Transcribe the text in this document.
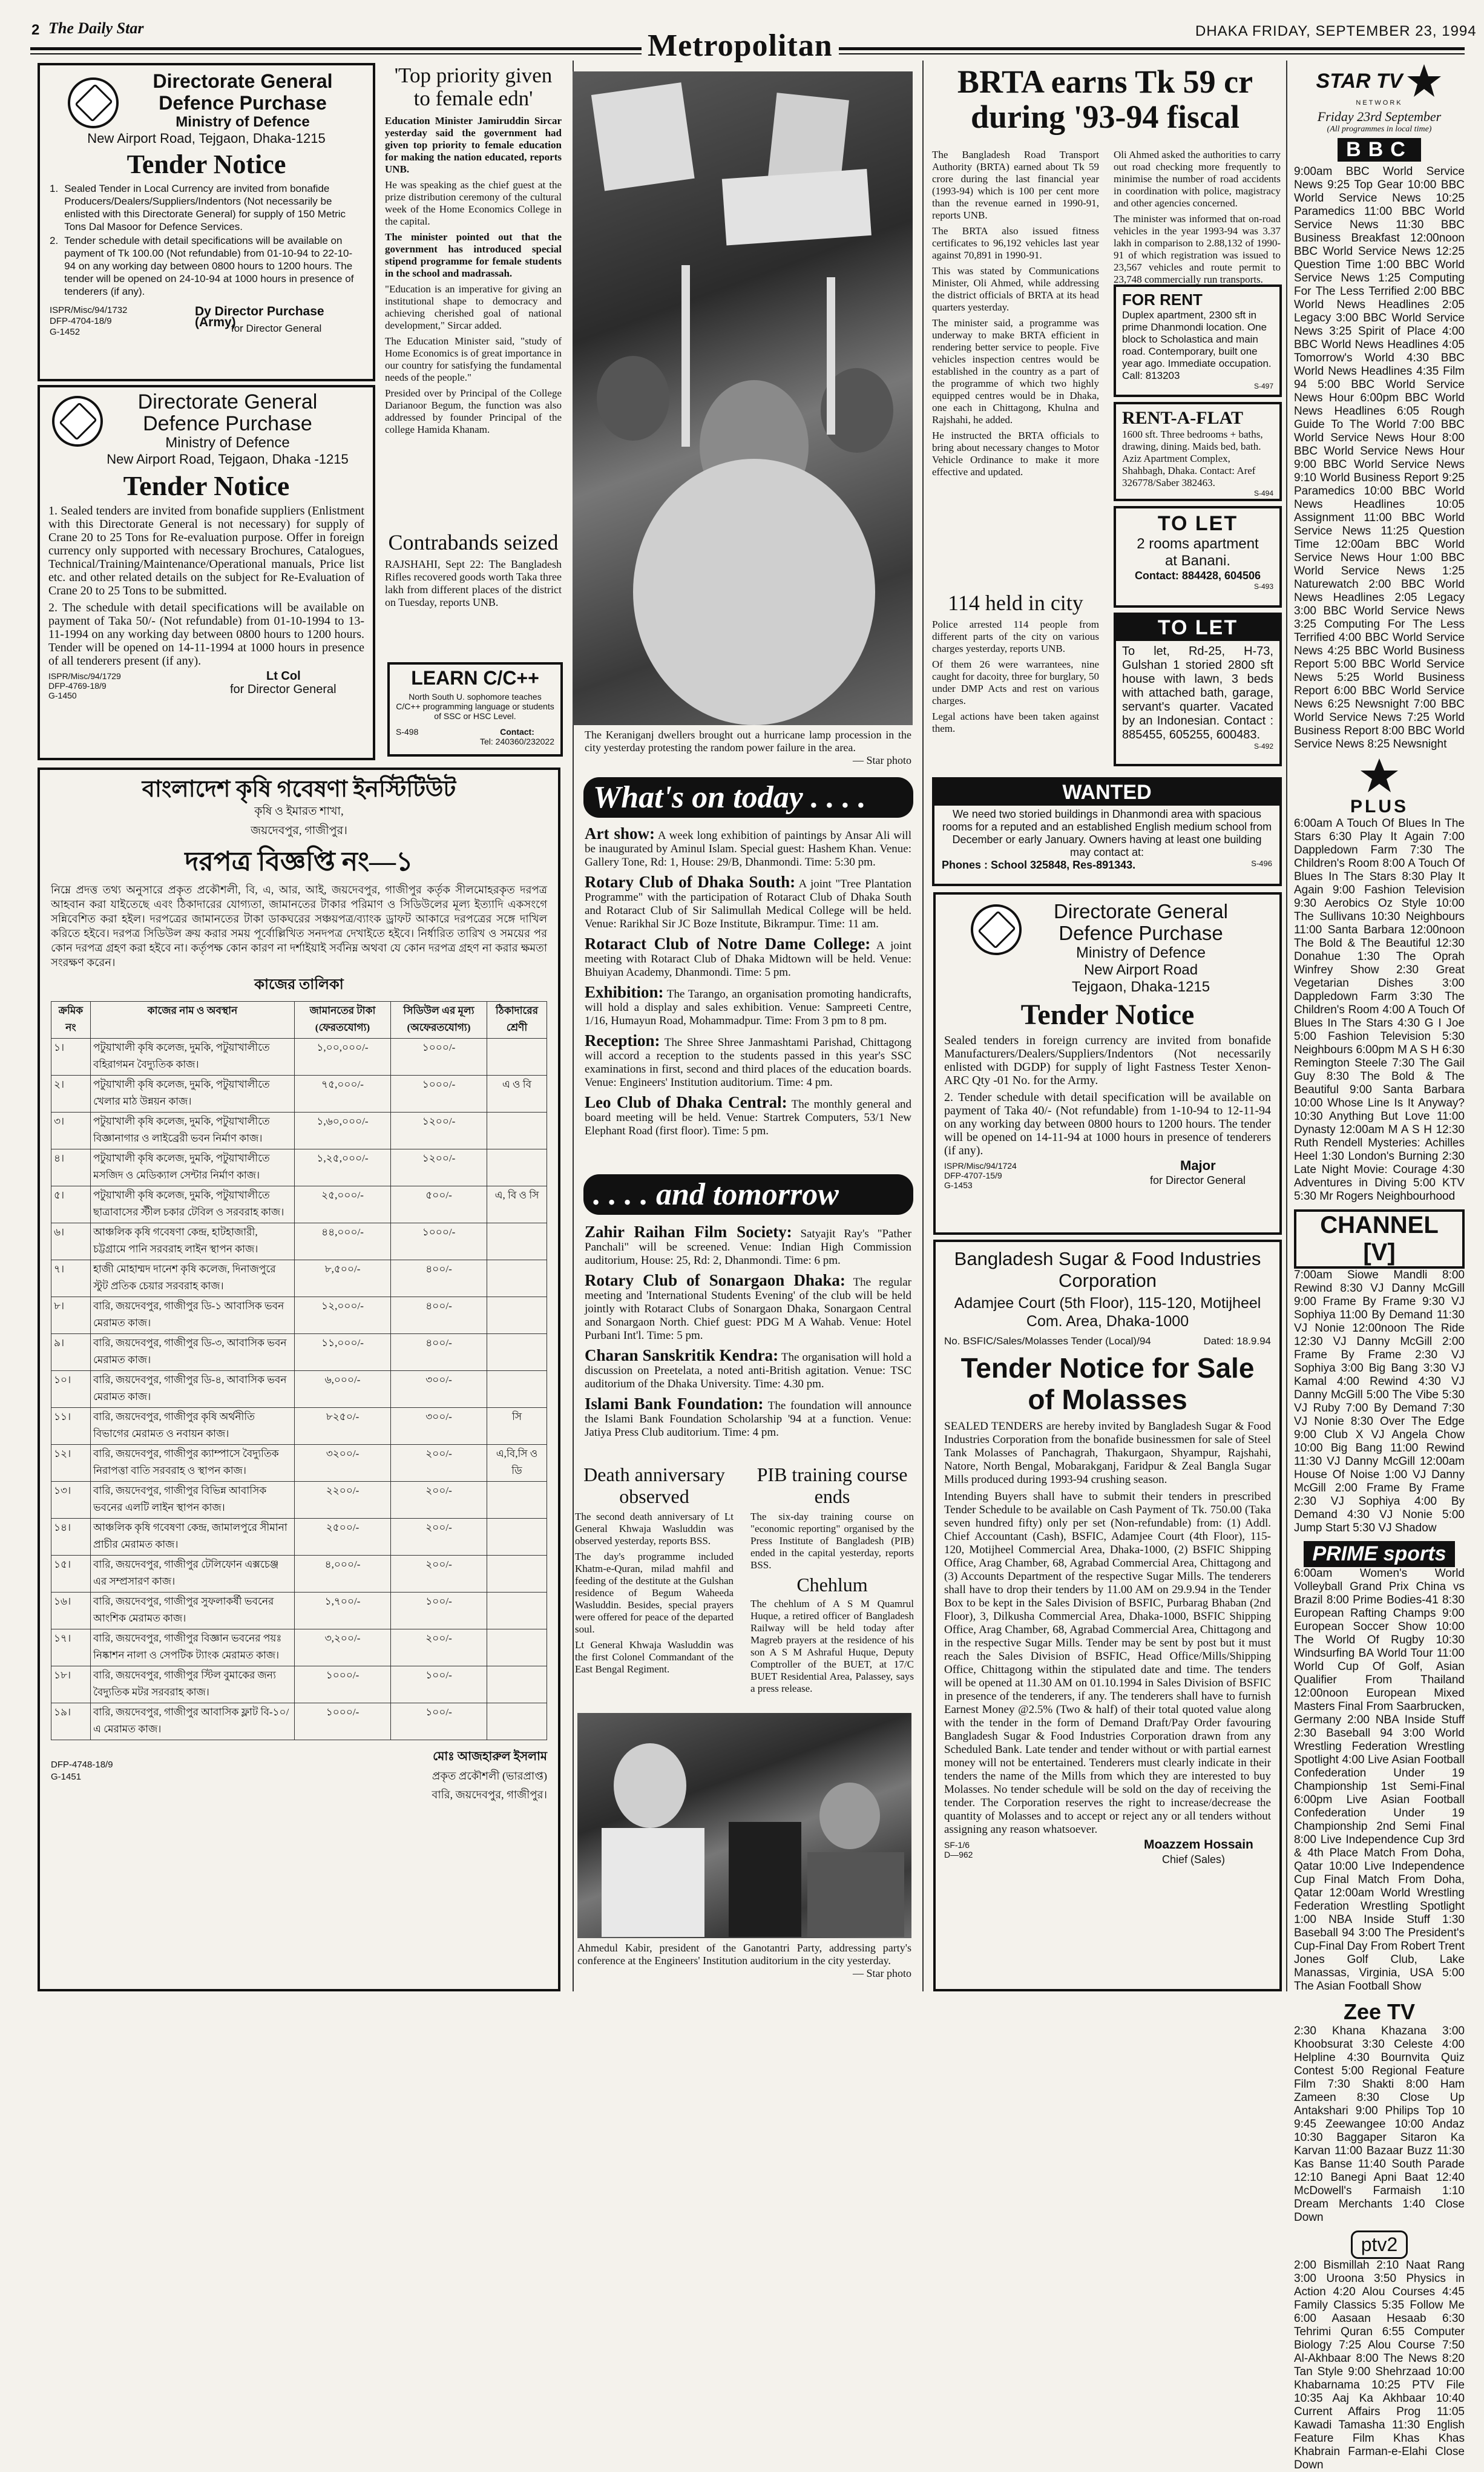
2 The Daily Star
Metropolitan	DHAKA FRIDAY, SEPTEMBER 23, 1994
Directorate General
Defence Purchase
Ministry of Defence
New Airport Road, Tejgaon, Dhaka-1215
Tender Notice
1. Sealed Tender in Local Currency are invited from bonafide Producers/Dealers/Suppliers/Indentors (Not necessarily be enlisted with this Directorate General) for supply of 150 Metric Tons Dal Masoor for Defence Services.
2. Tender schedule with detail specifications will be available on payment of Tk 100.00 (Not refundable) from 01-10-94 to 22-10-94 on any working day between 0800 hours to 1200 hours. The tender will be opened on 24-10-94 at 1000 hours in presence of tenderers (if any).
ISPR/Misc/94/1732
DFP-4704-18/9
G-1452
Dy Director Purchase (Army)
for Director General
Directorate General
Defence Purchase
Ministry of Defence
New Airport Road, Tejgaon, Dhaka -1215
Tender Notice

1. Sealed tenders are invited from bonafide suppliers (Enlistment with this Directorate General is not necessary) for supply of Crane 20 to 25 Tons for Re-evaluation purpose. Offer in foreign currency only supported with necessary Brochures, Catalogues, Technical/Training/Maintenance/Operational manuals, Price list etc. and other related details on the subject for Re-Evaluation of Crane 20 to 25 Tons to be submitted.

2. The schedule with detail specifications will be available on payment of Taka 50/- (Not refundable) from 01-10-1994 to 13-11-1994 on any working day between 0800 hours to 1200 hours. Tender will be opened on 14-11-1994 at 1000 hours in presence of all tenderers present (if any).

ISPR/Misc/94/1729
DFP-4769-18/9
G-1450
Lt Col
for Director General
'Top priority given to female edn'

Education Minister Jamiruddin Sircar yesterday said the government had given top priority to female education for making the nation educated, reports UNB.

He was speaking as the chief guest at the prize distribution ceremony of the cultural week of the Home Economics College in the capital.

The minister pointed out that the government has introduced special stipend programme for female students in the school and madrassah.

"Education is an imperative for giving an institutional shape to democracy and achieving cherished goal of national development," Sircar added.

The Education Minister said, "study of Home Economics is of great importance in our country for satisfying the fundamental needs of the people."

Presided over by Principal of the College Darianoor Begum, the function was also addressed by founder Principal of the college Hamida Khanam.

Contrabands seized

RAJSHAHI, Sept 22: The Bangladesh Rifles recovered goods worth Taka three lakh from different places of the district on Tuesday, reports UNB.

LEARN C/C++
North South U. sophomore teaches C/C++ programming language or students of SSC or HSC Level.
S-498	Contact:
Tel: 240360/232022
The Keraniganj dwellers brought out a hurricane lamp procession in the city yesterday protesting the random power failure in the area.
— Star photo
What's on today . . . .
Art show: A week long exhibition of paintings by Ansar Ali will be inaugurated by Aminul Islam. Special guest: Hashem Khan. Venue: Gallery Tone, Rd: 1, House: 29/B, Dhanmondi. Time: 5:30 pm.
Rotary Club of Dhaka South: A joint "Tree Plantation Programme" with the participation of Rotaract Club of Dhaka South and Rotaract Club of Sir Salimullah Medical College will be held. Venue: Rarikhal Sir JC Boze Institute, Bikrampur. Time: 11 am.
Rotaract Club of Notre Dame College: A joint meeting with Rotaract Club of Dhaka Midtown will be held. Venue: Bhuiyan Academy, Dhanmondi. Time: 5 pm.
Exhibition: The Tarango, an organisation promoting handicrafts, will hold a display and sales exhibition. Venue: Sampreeti Centre, 1/16, Humayun Road, Mohammadpur. Time: From 3 pm to 8 pm.
Reception: The Shree Shree Janmashtami Parishad, Chittagong will accord a reception to the students passed in this year's SSC examinations in first, second and third places of the education boards. Venue: Engineers' Institution auditorium. Time: 4 pm.
Leo Club of Dhaka Central: The monthly general and board meeting will be held. Venue: Startrek Computers, 53/1 New Elephant Road (first floor). Time: 5 pm.
. . . . and tomorrow
Zahir Raihan Film Society: Satyajit Ray's "Pather Panchali" will be screened. Venue: Indian High Commission auditorium, House: 25, Rd: 2, Dhanmondi. Time: 6 pm.
Rotary Club of Sonargaon Dhaka: The regular meeting and 'International Students Evening' of the club will be held jointly with Rotaract Clubs of Sonargaon Dhaka, Sonargaon Central and Sonargaon North. Chief guest: PDG M A Wahab. Venue: Hotel Purbani Int'l. Time: 5 pm.
Charan Sanskritik Kendra: The organisation will hold a discussion on Preetelata, a noted anti-British agitation. Venue: TSC auditorium of the Dhaka University. Time: 4.30 pm.
Islami Bank Foundation: The foundation will announce the Islami Bank Foundation Scholarship '94 at a function. Venue: Jatiya Press Club auditorium. Time: 4 pm.
Death anniversary observed

The second death anniversary of Lt General Khwaja Wasluddin was observed yesterday, reports BSS.

The day's programme included Khatm-e-Quran, milad mahfil and feeding of the destitute at the Gulshan residence of Begum Waheeda Wasluddin. Besides, special prayers were offered for peace of the departed soul.

Lt General Khwaja Wasluddin was the first Colonel Commandant of the East Bengal Regiment.

PIB training course ends

The six-day training course on "economic reporting" organised by the Press Institute of Bangladesh (PIB) ended in the capital yesterday, reports BSS.

Chehlum

The chehlum of A S M Quamrul Huque, a retired officer of Bangladesh Railway will be held today after Magreb prayers at the residence of his son A S M Ashraful Huque, Deputy Comptroller of the BUET, at 17/C BUET Residential Area, Palassey, says a press release.

Ahmedul Kabir, president of the Ganotantri Party, addressing party's conference at the Engineers' Institution auditorium in the city yesterday.
— Star photo
BRTA earns Tk 59 cr during '93-94 fiscal

The Bangladesh Road Transport Authority (BRTA) earned about Tk 59 crore during the last financial year (1993-94) which is 100 per cent more than the revenue earned in 1990-91, reports UNB.

The BRTA also issued fitness certificates to 96,192 vehicles last year against 70,891 in 1990-91.

This was stated by Communications Minister, Oli Ahmed, while addressing the district officials of BRTA at its head quarters yesterday.

The minister said, a programme was underway to make BRTA efficient in rendering better service to people. Five vehicles inspection centres would be established in the country as a part of the programme of which two highly equipped centres would be in Dhaka, one each in Chittagong, Khulna and Rajshahi, he added.

He instructed the BRTA officials to bring about necessary changes to Motor Vehicle Ordinance to make it more effective and updated.

Oli Ahmed asked the authorities to carry out road checking more frequently to minimise the number of road accidents in coordination with police, magistracy and other agencies concerned.

The minister was informed that on-road vehicles in the year 1993-94 was 3.37 lakh in comparison to 2.88,132 of 1990-91 of which registration was issued to 23,567 vehicles and route permit to 23,748 commercially run transports.

114 held in city

Police arrested 114 people from different parts of the city on various charges yesterday, reports UNB.

Of them 26 were warrantees, nine caught for dacoity, three for burglary, 50 under DMP Acts and rest on various charges.

Legal actions have been taken against them.

FOR RENT
Duplex apartment, 2300 sft in prime Dhanmondi location. One block to Scholastica and main road. Contemporary, built one year ago. Immediate occupation. Call: 813203
S-497
RENT-A-FLAT
1600 sft. Three bedrooms + baths, drawing, dining. Maids bed, bath. Aziz Apartment Complex, Shahbagh, Dhaka. Contact: Aref 326778/Saber 382463.
S-494
TO LET
2 rooms apartment
at Banani.
Contact: 884428, 604506
S-493
TO LET
To let, Rd-25, H-73, Gulshan 1 storied 2800 sft house with lawn, 3 beds with attached bath, garage, servant's quarter. Vacated by an Indonesian. Contact : 885455, 605255, 600483.
S-492
WANTED
We need two storied buildings in Dhanmondi area with spacious rooms for a reputed and an established English medium school from December or early January. Owners having at least one building may contact at:
Phones : School 325848, Res-891343.	S-496
Directorate General
Defence Purchase
Ministry of Defence
New Airport Road
Tejgaon, Dhaka-1215
Tender Notice

Sealed tenders in foreign currency are invited from bonafide Manufacturers/Dealers/Suppliers/Indentors (Not necessarily enlisted with DGDP) for supply of light Fastness Tester Xenon-ARC Qty -01 No. for the Army.

2. Tender schedule with detail specification will be available on payment of Taka 40/- (Not refundable) from 1-10-94 to 12-11-94 on any working day between 0800 hours to 1200 hours. The tender will be opened on 14-11-94 at 1000 hours in presence of tenderers (if any).

ISPR/Misc/94/1724
DFP-4707-15/9
G-1453
Major
for Director General
Bangladesh Sugar & Food Industries Corporation
Adamjee Court (5th Floor), 115-120, Motijheel Com. Area, Dhaka-1000
No. BSFIC/Sales/Molasses Tender (Local)/94	Dated: 18.9.94
Tender Notice for Sale of Molasses

SEALED TENDERS are hereby invited by Bangladesh Sugar & Food Industries Corporation from the bonafide businessmen for sale of Steel Tank Molasses of Panchagrah, Thakurgaon, Shyampur, Rajshahi, Natore, North Bengal, Mobarakganj, Faridpur & Zeal Bangla Sugar Mills produced during 1993-94 crushing season.

Intending Buyers shall have to submit their tenders in prescribed Tender Schedule to be available on Cash Payment of Tk. 750.00 (Taka seven hundred fifty) only per set (Non-refundable) from: (1) Addl. Chief Accountant (Cash), BSFIC, Adamjee Court (4th Floor), 115-120, Motijheel Commercial Area, Dhaka-1000, (2) BSFIC Shipping Office, Arag Chamber, 68, Agrabad Commercial Area, Chittagong and (3) Accounts Department of the respective Sugar Mills. The tenderers shall have to drop their tenders by 11.00 AM on 29.9.94 in the Tender Box to be kept in the Sales Division of BSFIC, Purbarag Bhaban (2nd Floor), 3, Dilkusha Commercial Area, Dhaka-1000, BSFIC Shipping Office, Arag Chamber, 68, Agrabad Commercial Area, Chittagong and in the respective Sugar Mills. Tender may be sent by post but it must reach the Sales Division of BSFIC, Head Office/Mills/Shipping Office, Chittagong within the stipulated date and time. The tenders will be opened at 11.30 AM on 01.10.1994 in Sales Division of BSFIC in presence of the tenderers, if any. The tenderers shall have to furnish Earnest Money @2.5% (Two & half) of their total quoted value along with the tender in the form of Demand Draft/Pay Order favouring Bangladesh Sugar & Food Industries Corporation drawn from any Scheduled Bank. Late tender and tender without or with partial earnest money will not be entertained. Tenderers must clearly indicate in their tenders the name of the Mills from which they are interested to buy Molasses. No tender schedule will be sold on the day of receiving the tender. The Corporation reserves the right to increase/decrease the quantity of Molasses and to accept or reject any or all tenders without assigning any reason whatsoever.

SF-1/6
D—962
Moazzem Hossain
Chief (Sales)
বাংলাদেশ কৃষি গবেষণা ইনস্টিটিউট
কৃষি ও ইমারত শাখা,
জয়দেবপুর, গাজীপুর।
দরপত্র বিজ্ঞপ্তি নং—১

নিম্নে প্রদত্ত তথ্য অনুসারে প্রকৃত প্রকৌশলী, বি, এ, আর, আই, জয়দেবপুর, গাজীপুর কর্তৃক সীলমোহরকৃত দরপত্র আহবান করা যাইতেছে এবং ঠিকাদারের যোগ্যতা, জামানতের টাকার পরিমাণ ও সিডিউলের মূল্য ইত্যাদি একসংগে সন্নিবেশিত করা হইল। দরপত্রের জামানতের টাকা ডাকঘরের সঞ্চয়পত্র/ব্যাংক ড্রাফট আকারে দরপত্রের সঙ্গে দাখিল করিতে হইবে। দরপত্র সিডিউল ক্রয় করার সময় পূর্বোল্লিখিত সনদপত্র দেখাইতে হইবে। নির্ধারিত তারিখ ও সময়ের পর কোন দরপত্র গ্রহণ করা হইবে না। কর্তৃপক্ষ কোন কারণ না দর্শাইয়াই সর্বনিম্ন অথবা যে কোন দরপত্র গ্রহণ না করার ক্ষমতা সংরক্ষণ করেন।

কাজের তালিকা
ক্রমিক নং	কাজের নাম ও অবস্থান	জামানতের টাকা (ফেরতযোগ্য)	সিডিউল এর মূল্য (অফেরতযোগ্য)	ঠিকাদারের শ্রেণী
১।	পটুয়াখালী কৃষি কলেজ, দুমকি, পটুয়াখালীতে বহিরাগমন বৈদ্যুতিক কাজ।	১,০০,০০০/-	১০০০/-	
২।	পটুয়াখালী কৃষি কলেজ, দুমকি, পটুয়াখালীতে খেলার মাঠ উন্নয়ন কাজ।	৭৫,০০০/-	১০০০/-	এ ও বি
৩।	পটুয়াখালী কৃষি কলেজ, দুমকি, পটুয়াখালীতে বিজ্ঞানাগার ও লাইব্রেরী ভবন নির্মাণ কাজ।	১,৬০,০০০/-	১২০০/-	
৪।	পটুয়াখালী কৃষি কলেজ, দুমকি, পটুয়াখালীতে মসজিদ ও মেডিক্যাল সেন্টার নির্মাণ কাজ।	১,২৫,০০০/-	১২০০/-	
৫।	পটুয়াখালী কৃষি কলেজ, দুমকি, পটুয়াখালীতে ছাত্রাবাসের স্টীল চকার টেবিল ও সরবরাহ কাজ।	২৫,০০০/-	৫০০/-	এ, বি ও সি
৬।	আঞ্চলিক কৃষি গবেষণা কেন্দ্র, হাটহাজারী, চট্টগ্রামে পানি সরবরাহ লাইন স্থাপন কাজ।	৪৪,০০০/-	১০০০/-	
৭।	হাজী মোহাম্মদ দানেশ কৃষি কলেজ, দিনাজপুরে স্টুট প্রতিক চেয়ার সরবরাহ কাজ।	৮,৫০০/-	৪০০/-	
৮।	বারি, জয়দেবপুর, গাজীপুর ডি-১ আবাসিক ভবন মেরামত কাজ।	১২,০০০/-	৪০০/-	
৯।	বারি, জয়দেবপুর, গাজীপুর ডি-৩, আবাসিক ভবন মেরামত কাজ।	১১,০০০/-	৪০০/-	
১০।	বারি, জয়দেবপুর, গাজীপুর ডি-৪, আবাসিক ভবন মেরামত কাজ।	৬,০০০/-	৩০০/-	
১১।	বারি, জয়দেবপুর, গাজীপুর কৃষি অর্থনীতি বিভাগের মেরামত ও নবায়ন কাজ।	৮২৫০/-	৩০০/-	সি
১২।	বারি, জয়দেবপুর, গাজীপুর ক্যাম্পাসে বৈদ্যুতিক নিরাপত্তা বাতি সরবরাহ ও স্থাপন কাজ।	৩২০০/-	২০০/-	এ,বি,সি ও ডি
১৩।	বারি, জয়দেবপুর, গাজীপুর বিভিন্ন আবাসিক ভবনের এলটি লাইন স্থাপন কাজ।	২২০০/-	২০০/-	
১৪।	আঞ্চলিক কৃষি গবেষণা কেন্দ্র, জামালপুরে সীমানা প্রাচীর মেরামত কাজ।	২৫০০/-	২০০/-	
১৫।	বারি, জয়দেবপুর, গাজীপুর টেলিফোন এক্সচেঞ্জ এর সম্প্রসারণ কাজ।	৪,০০০/-	২০০/-	
১৬।	বারি, জয়দেবপুর, গাজীপুর সুফলাকর্ষী ভবনের আংশিক মেরামত কাজ।	১,৭০০/-	১০০/-	
১৭।	বারি, জয়দেবপুর, গাজীপুর বিজ্ঞান ভবনের পয়ঃ নিষ্কাশন নালা ও সেপটিক ট্যাংক মেরামত কাজ।	৩,২০০/-	২০০/-	
১৮।	বারি, জয়দেবপুর, গাজীপুর স্টিল বুমাকের জন্য বৈদ্যুতিক মটর সরবরাহ কাজ।	১০০০/-	১০০/-	
১৯।	বারি, জয়দেবপুর, গাজীপুর আবাসিক ফ্লাট বি-১০/এ মেরামত কাজ।	১০০০/-	১০০/-	
মোঃ আজহারুল ইসলাম
প্রকৃত প্রকৌশলী (ভারপ্রাপ্ত)
বারি, জয়দেবপুর, গাজীপুর।
DFP-4748-18/9
G-1451
STAR TV
NETWORK
Friday 23rd September
(All programmes in local time)
BBC
9:00am BBC World Service News 9:25 Top Gear 10:00 BBC World Service News 10:25 Paramedics 11:00 BBC World Service News 11:30 BBC Business Breakfast 12:00noon BBC World Service News 12:25 Question Time 1:00 BBC World Service News 1:25 Computing For The Less Terrified 2:00 BBC World News Headlines 2:05 Legacy 3:00 BBC World Service News 3:25 Spirit of Place 4:00 BBC World News Headlines 4:05 Tomorrow's World 4:30 BBC World News Headlines 4:35 Film 94 5:00 BBC World Service News Hour 6:00pm BBC World News Headlines 6:05 Rough Guide To The World 7:00 BBC World Service News Hour 8:00 BBC World Service News Hour 9:00 BBC World Service News 9:10 World Business Report 9:25 Paramedics 10:00 BBC World News Headlines 10:05 Assignment 11:00 BBC World Service News 11:25 Question Time 12:00am BBC World Service News Hour 1:00 BBC World Service News 1:25 Naturewatch 2:00 BBC World News Headlines 2:05 Legacy 3:00 BBC World Service News 3:25 Computing For The Less Terrified 4:00 BBC World Service News 4:25 BBC World Business Report 5:00 BBC World Service News 5:25 World Business Report 6:00 BBC World Service News 6:25 Newsnight 7:00 BBC World Service News 7:25 World Business Report 8:00 BBC World Service News 8:25 Newsnight
PLUS
6:00am A Touch Of Blues In The Stars 6:30 Play It Again 7:00 Dappledown Farm 7:30 The Children's Room 8:00 A Touch Of Blues In The Stars 8:30 Play It Again 9:00 Fashion Television 9:30 Aerobics Oz Style 10:00 The Sullivans 10:30 Neighbours 11:00 Santa Barbara 12:00noon The Bold & The Beautiful 12:30 Donahue 1:30 The Oprah Winfrey Show 2:30 Great Vegetarian Dishes 3:00 Dappledown Farm 3:30 The Children's Room 4:00 A Touch Of Blues In The Stars 4:30 G I Joe 5:00 Fashion Television 5:30 Neighbours 6:00pm M A S H 6:30 Remington Steele 7:30 The Gail Guy 8:30 The Bold & The Beautiful 9:00 Santa Barbara 10:00 Whose Line Is It Anyway? 10:30 Anything But Love 11:00 Dynasty 12:00am M A S H 12:30 Ruth Rendell Mysteries: Achilles Heel 1:30 London's Burning 2:30 Late Night Movie: Courage 4:30 Adventures in Diving 5:00 KTV 5:30 Mr Rogers Neighbourhood
CHANNEL [V]
7:00am Siowe Mandli 8:00 Rewind 8:30 VJ Danny McGill 9:00 Frame By Frame 9:30 VJ Sophiya 11:00 By Demand 11:30 VJ Nonie 12:00noon The Ride 12:30 VJ Danny McGill 2:00 Frame By Frame 2:30 VJ Sophiya 3:00 Big Bang 3:30 VJ Kamal 4:00 Rewind 4:30 VJ Danny McGill 5:00 The Vibe 5:30 VJ Ruby 7:00 By Demand 7:30 VJ Nonie 8:30 Over The Edge 9:00 Club X VJ Angela Chow 10:00 Big Bang 11:00 Rewind 11:30 VJ Danny McGill 12:00am House Of Noise 1:00 VJ Danny McGill 2:00 Frame By Frame 2:30 VJ Sophiya 4:00 By Demand 4:30 VJ Nonie 5:00 Jump Start 5:30 VJ Shadow
PRIME sports
6:00am Women's World Volleyball Grand Prix China vs Brazil 8:00 Prime Bodies-41 8:30 European Rafting Champs 9:00 European Soccer Show 10:00 The World Of Rugby 10:30 Windsurfing BA World Tour 11:00 World Cup Of Golf, Asian Qualifier From Thailand 12:00noon European Mixed Masters Final From Saarbrucken, Germany 2:00 NBA Inside Stuff 2:30 Baseball 94 3:00 World Wrestling Federation Wrestling Spotlight 4:00 Live Asian Football Confederation Under 19 Championship 1st Semi-Final 6:00pm Live Asian Football Confederation Under 19 Championship 2nd Semi Final 8:00 Live Independence Cup 3rd & 4th Place Match From Doha, Qatar 10:00 Live Independence Cup Final Match From Doha, Qatar 12:00am World Wrestling Federation Wrestling Spotlight 1:00 NBA Inside Stuff 1:30 Baseball 94 3:00 The President's Cup-Final Day From Robert Trent Jones Golf Club, Lake Manassas, Virginia, USA 5:00 The Asian Football Show
Zee TV
2:30 Khana Khazana 3:00 Khoobsurat 3:30 Celeste 4:00 Helpline 4:30 Bournvita Quiz Contest 5:00 Regional Feature Film 7:30 Shakti 8:00 Ham Zameen 8:30 Close Up Antakshari 9:00 Philips Top 10 9:45 Zeewangee 10:00 Andaz 10:30 Baggaper Sitaron Ka Karvan 11:00 Bazaar Buzz 11:30 Kas Banse 11:40 South Parade 12:10 Banegi Apni Baat 12:40 McDowell's Farmaish 1:10 Dream Merchants 1:40 Close Down
ptv2
2:00 Bismillah 2:10 Naat Rang 3:00 Uroona 3:50 Physics in Action 4:20 Alou Courses 4:45 Family Classics 5:35 Follow Me 6:00 Aasaan Hesaab 6:30 Tehrimi Quran 6:55 Computer Biology 7:25 Alou Course 7:50 Al-Akhbaar 8:00 The News 8:20 Tan Style 9:00 Shehrzaad 10:00 Khabarnama 10:25 PTV File 10:35 Aaj Ka Akhbaar 10:40 Current Affairs Prog 11:05 Kawadi Tamasha 11:30 English Feature Film Khas Khas Khabrain Farman-e-Elahi Close Down
